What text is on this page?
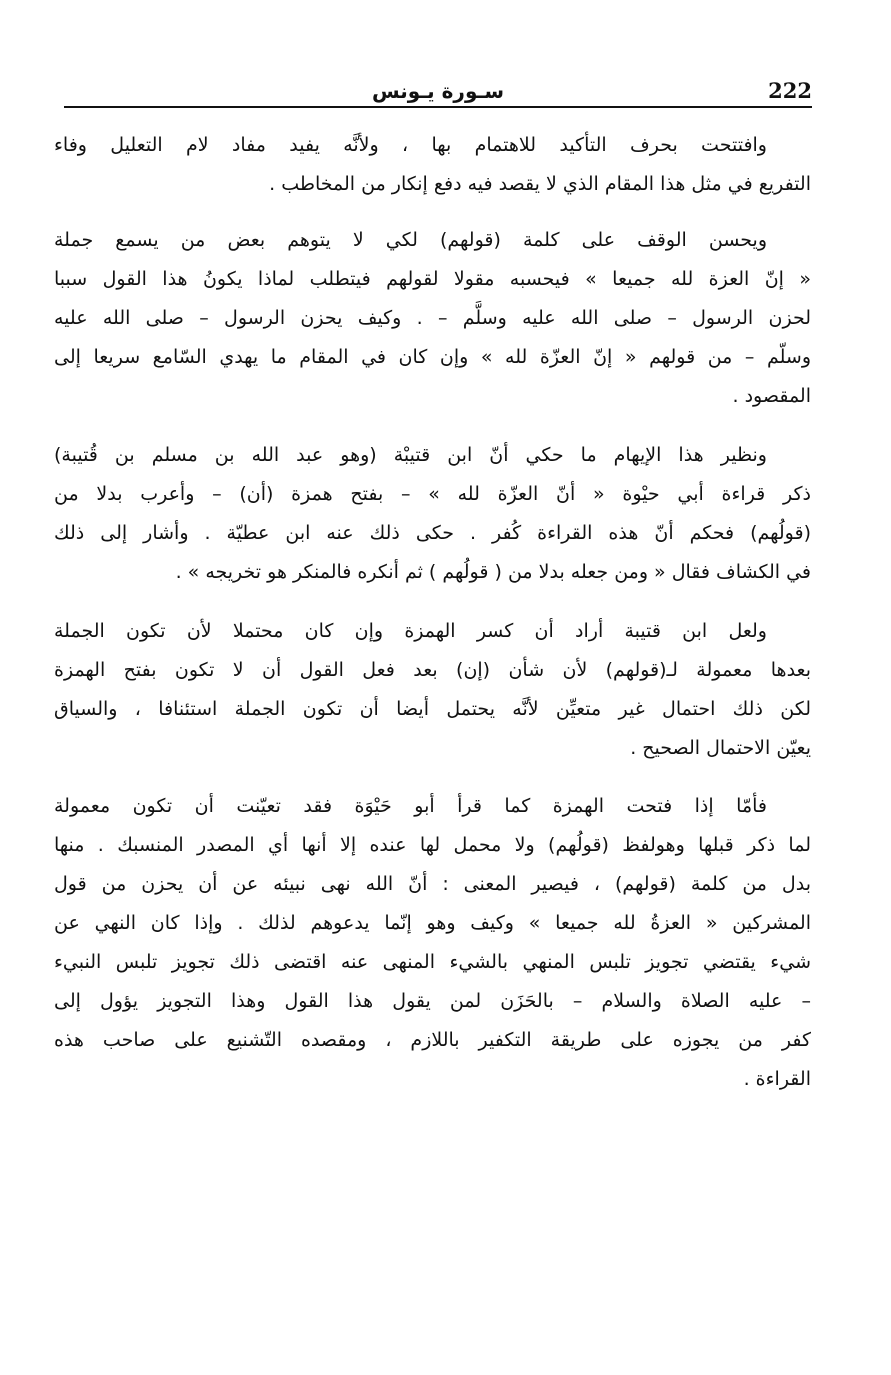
222
سـورة يـونس

وافتتحت بحرف التأكيد للاهتمام بها ، ولأنَّه يفيد مفاد لام التعليل وفاء
التفريع في مثل هذا المقام الذي لا يقصد فيه دفع إنكار من المخاطب .

ويحسن الوقف على كلمة (قولهم) لكي لا يتوهم بعض من يسمع جملة
« إنّ العزة لله جميعا » فيحسبه مقولا لقولهم فيتطلب لماذا يكونُ هذا القول سببا
لحزن الرسول – صلى الله عليه وسلَّم – . وكيف يحزن الرسول – صلى الله عليه
وسلّم – من قولهم « إنّ العزّة لله » وإن كان في المقام ما يهدي السّامع سريعا إلى
المقصود .

ونظير هذا الإيهام ما حكي أنّ ابن قتيبْة (وهو عبد الله بن مسلم بن قُتيبة)
ذكر قراءة أبي حيْوة « أنّ العزّة لله » – بفتح همزة (أن) – وأعرب بدلا من
(قولُهم) فحكم أنّ هذه القراءة كُفر . حكى ذلك عنه ابن عطيّة . وأشار إلى ذلك
في الكشاف فقال « ومن جعله بدلا من ( قولُهم ) ثم أنكره فالمنكر هو تخريجه » .

ولعل ابن قتيبة أراد أن كسر الهمزة وإن كان محتملا لأن تكون الجملة
بعدها معمولة لـ(قولهم) لأن شأن (إن) بعد فعل القول أن لا تكون بفتح الهمزة
لكن ذلك احتمال غير متعيِّن لأنَّه يحتمل أيضا أن تكون الجملة استئنافا ، والسياق
يعيّن الاحتمال الصحيح .

فأمّا إذا فتحت الهمزة كما قرأ أبو حَيْوَة فقد تعيّنت أن تكون معمولة
لما ذكر قبلها وهولفظ (قولُهم) ولا محمل لها عنده إلا أنها أي المصدر المنسبك . منها
بدل من كلمة (قولهم) ، فيصير المعنى : أنّ الله نهى نبيئه عن أن يحزن من قول
المشركين « العزةُ لله جميعا » وكيف وهو إنّما يدعوهم لذلك . وإذا كان النهي عن
شيء يقتضي تجويز تلبس المنهي بالشيء المنهى عنه اقتضى ذلك تجويز تلبس النبيء
– عليه الصلاة والسلام – بالحَزَن لمن يقول هذا القول وهذا التجويز يؤول إلى
كفر من يجوزه على طريقة التكفير باللازم ، ومقصده التّشنيع على صاحب هذه
القراءة .
